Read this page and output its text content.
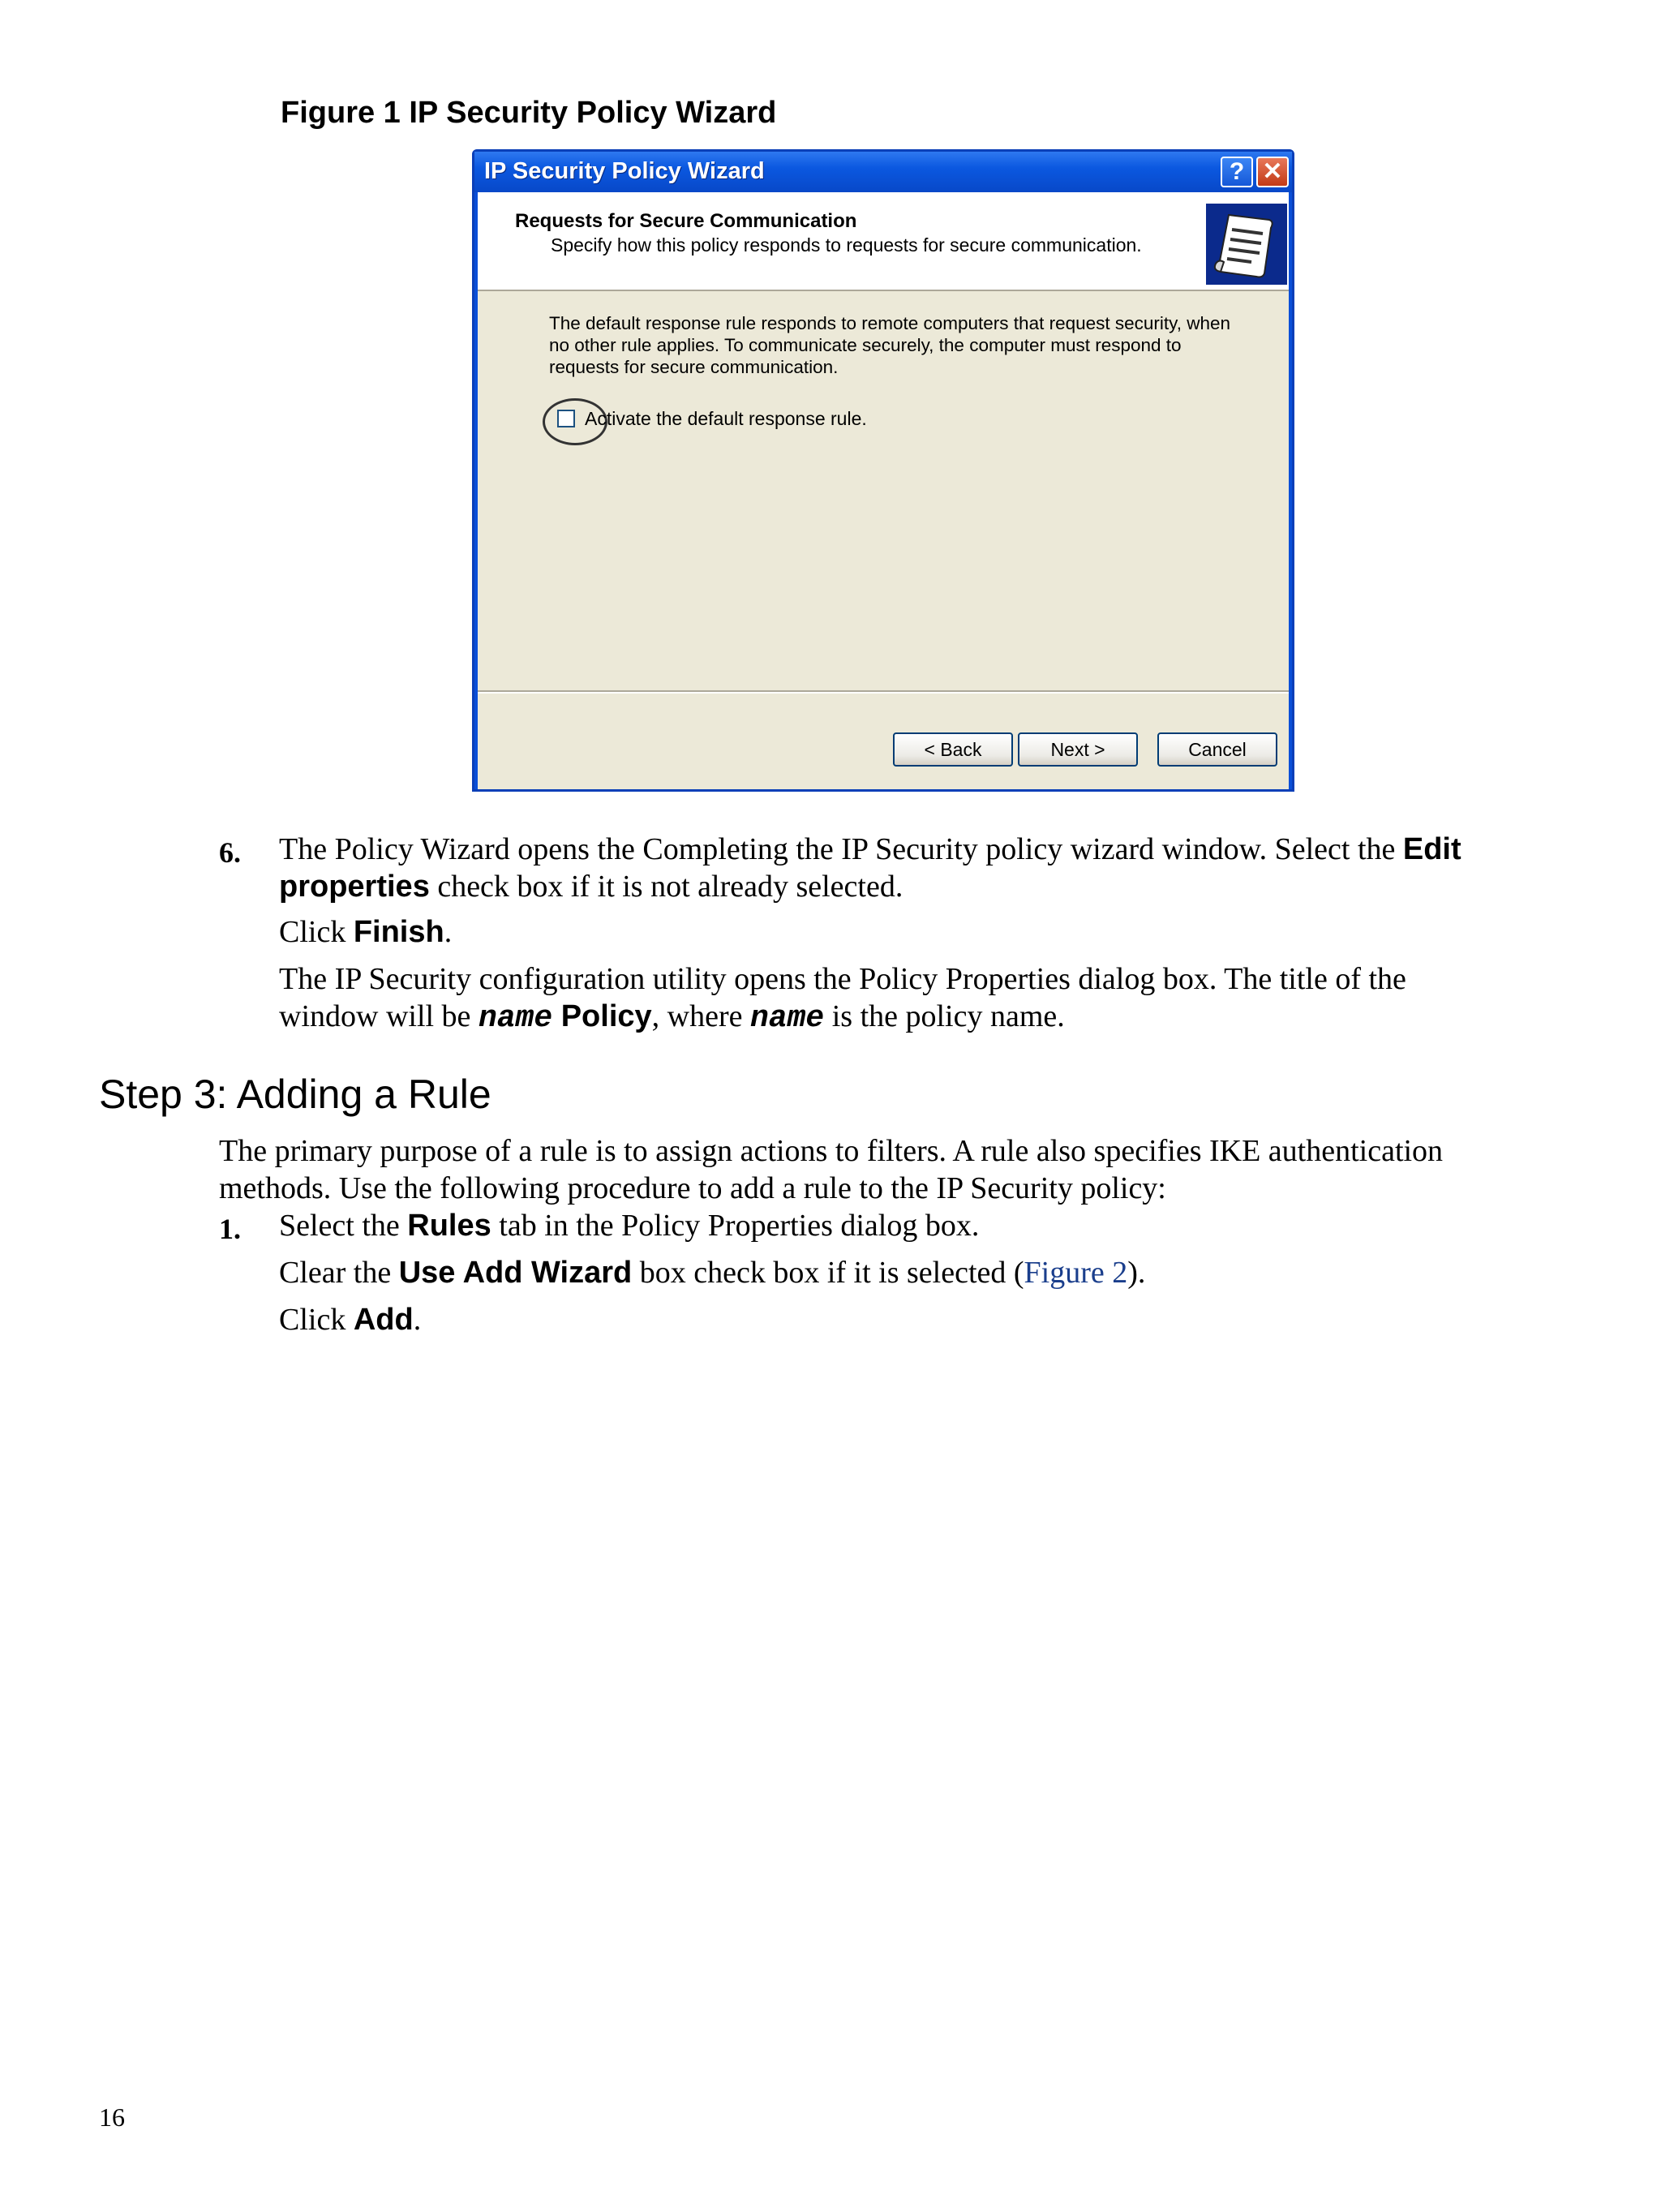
Figure 1 IP Security Policy Wizard
IP Security Policy Wizard	? ✕
Requests for Secure Communication
Specify how this policy responds to requests for secure communication.
The default response rule responds to remote computers that request security, when no other rule applies. To communicate securely, the computer must respond to requests for secure communication.
Activate the default response rule.
< Back	Next >	Cancel
6. The Policy Wizard opens the Completing the IP Security policy wizard window. Select the Edit properties check box if it is not already selected.
Click Finish.
The IP Security configuration utility opens the Policy Properties dialog box. The title of the window will be name Policy, where name is the policy name.
Step 3: Adding a Rule
The primary purpose of a rule is to assign actions to filters. A rule also specifies IKE authentication methods. Use the following procedure to add a rule to the IP Security policy:
1. Select the Rules tab in the Policy Properties dialog box.
Clear the Use Add Wizard box check box if it is selected (Figure 2).
Click Add.
16
